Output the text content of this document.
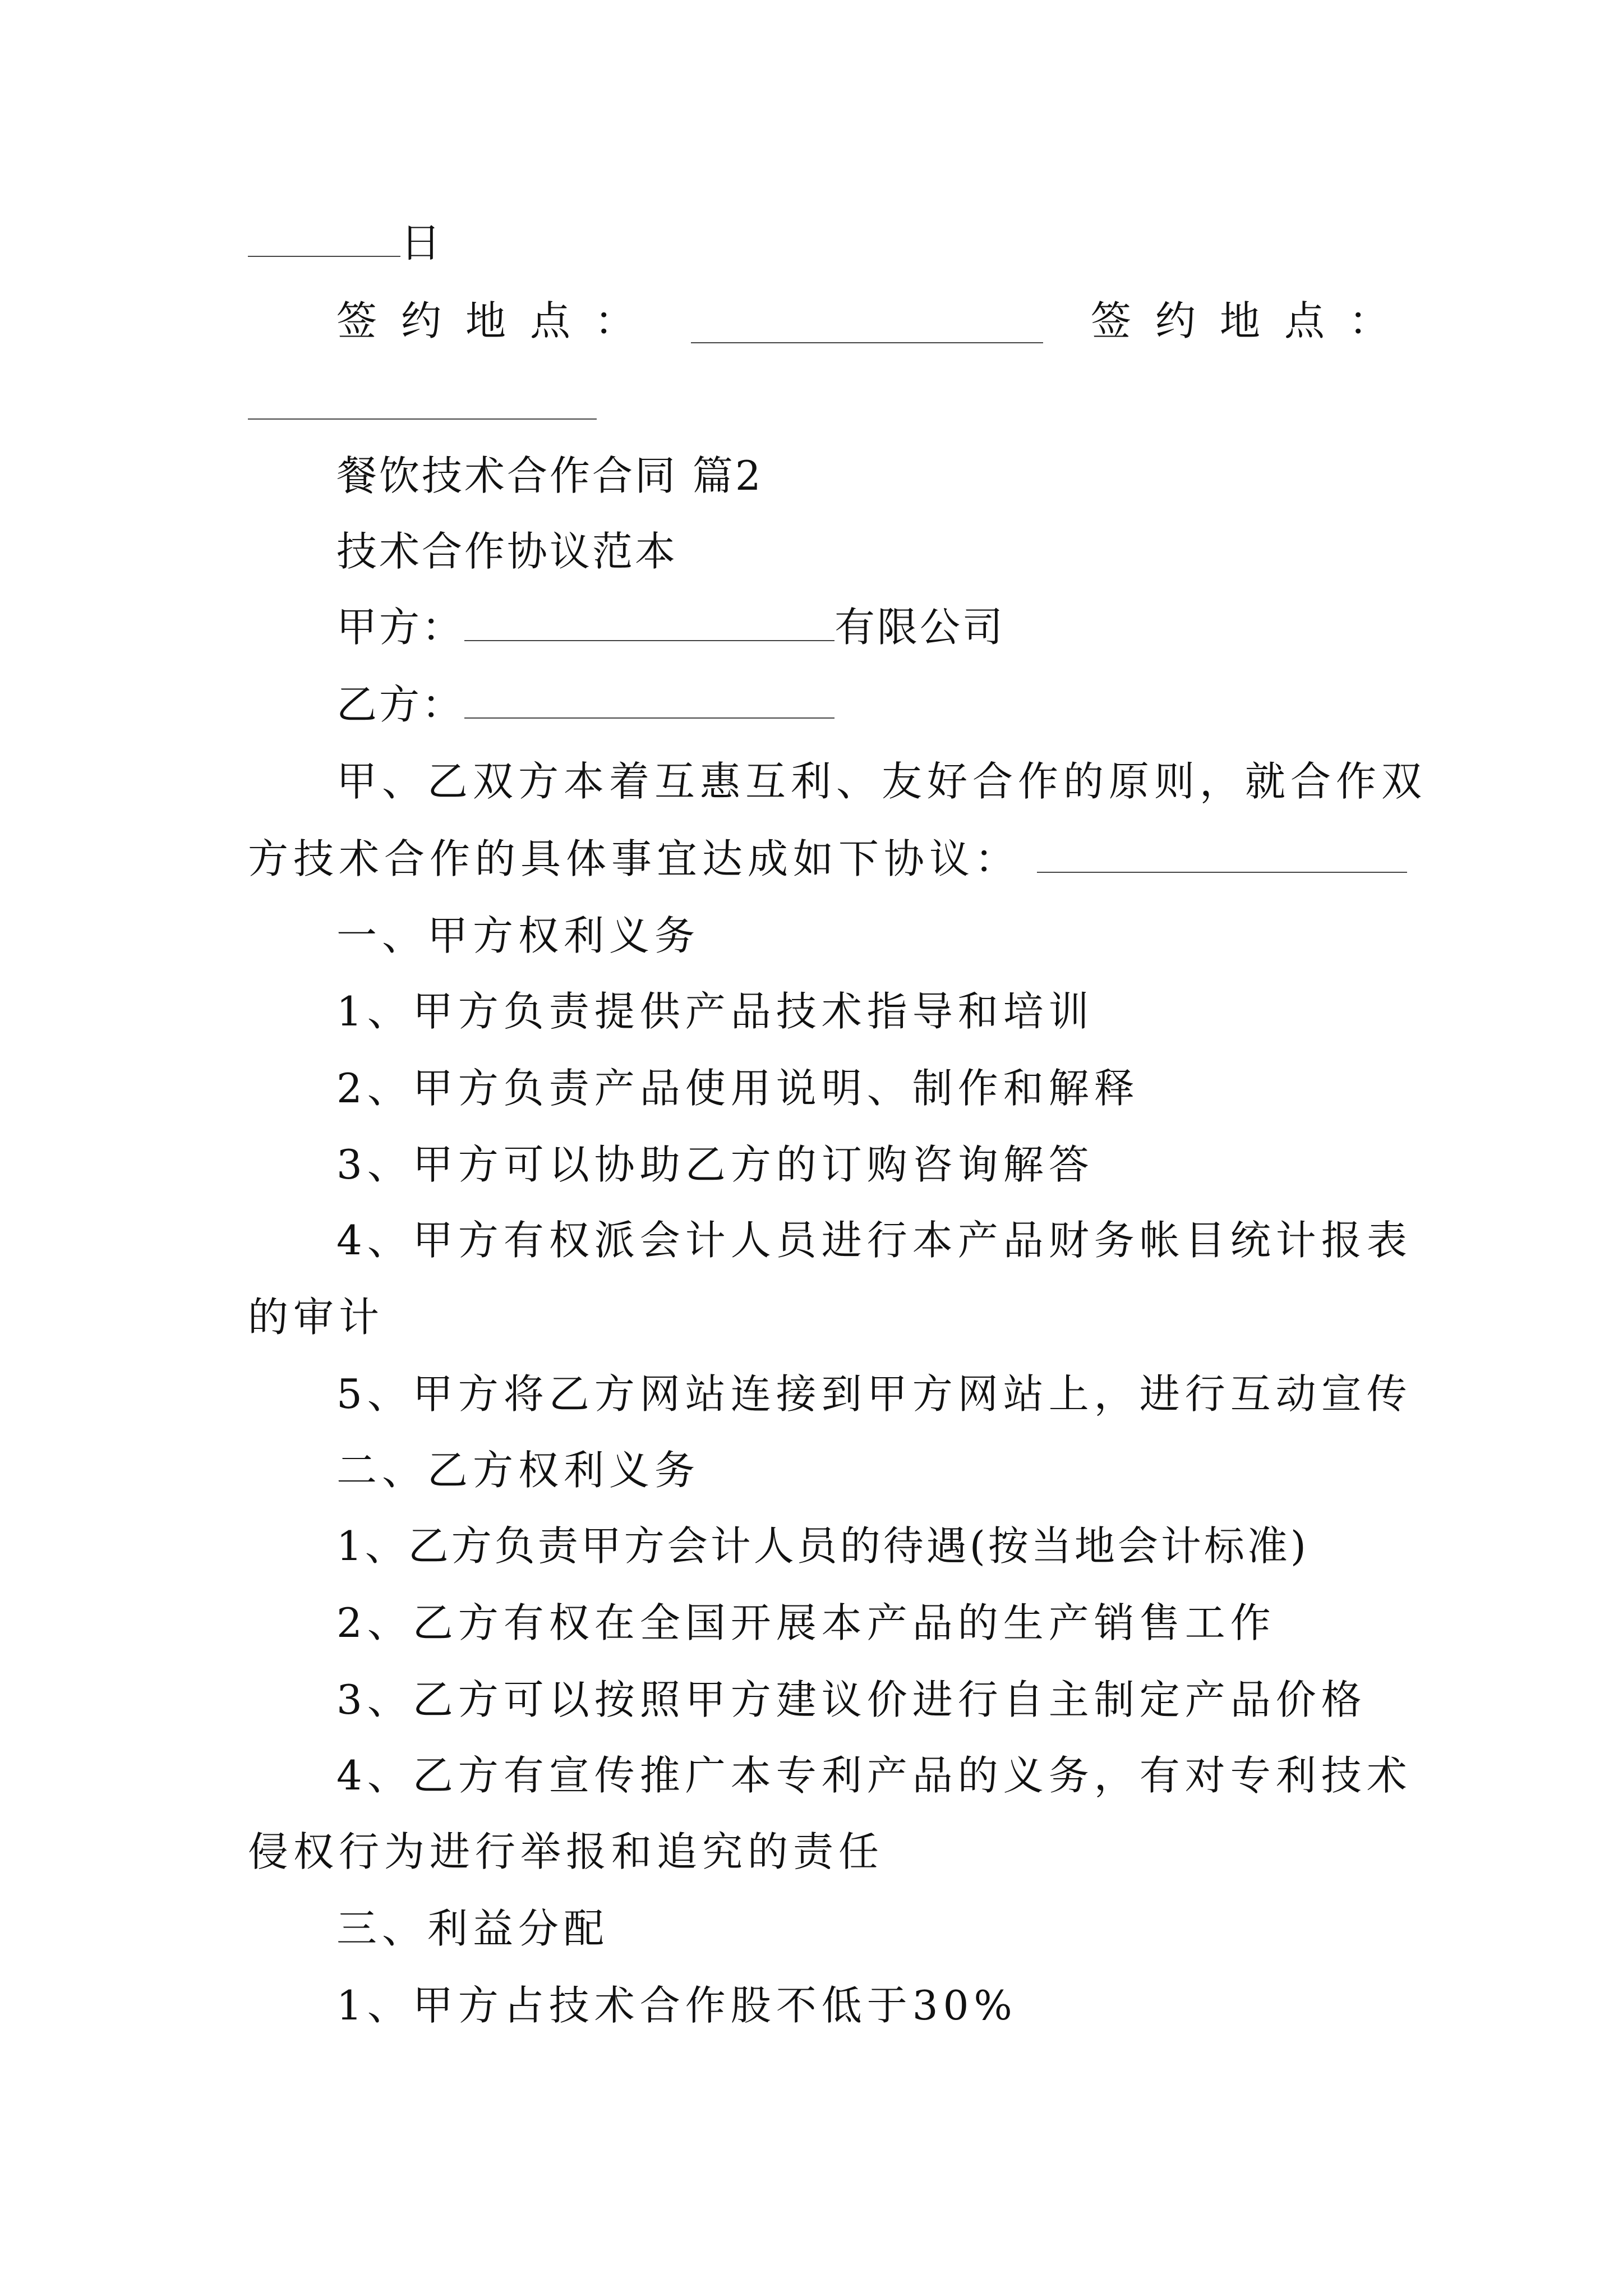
日
签约地点：	签约地点：
餐饮技术合作合同 篇2
技术合作协议范本
甲方：	有限公司
乙方：
甲、乙双方本着互惠互利、友好合作的原则，就合作双
方技术合作的具体事宜达成如下协议：
一、甲方权利义务
1、甲方负责提供产品技术指导和培训
2、甲方负责产品使用说明、制作和解释
3、甲方可以协助乙方的订购咨询解答
4、甲方有权派会计人员进行本产品财务帐目统计报表
的审计
5、甲方将乙方网站连接到甲方网站上，进行互动宣传
二、乙方权利义务
1、乙方负责甲方会计人员的待遇(按当地会计标准)
2、乙方有权在全国开展本产品的生产销售工作
3、乙方可以按照甲方建议价进行自主制定产品价格
4、乙方有宣传推广本专利产品的义务，有对专利技术
侵权行为进行举报和追究的责任
三、利益分配
1、甲方占技术合作股不低于30%
